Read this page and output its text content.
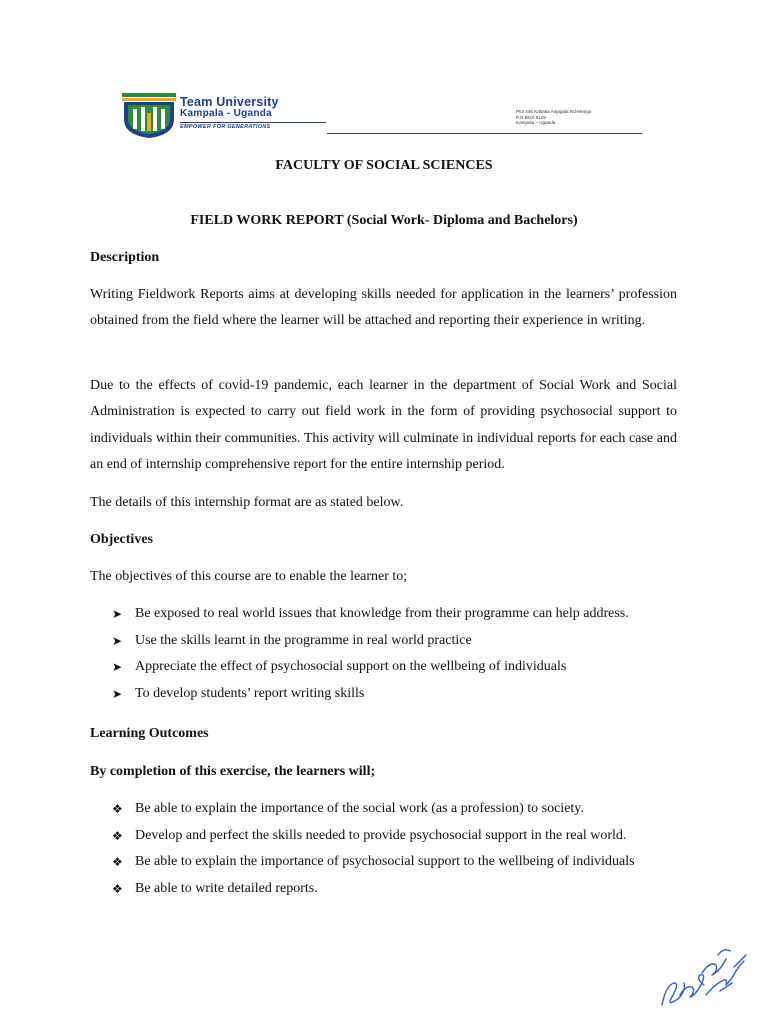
Team University
Kampala - Uganda
EMPOWER FOR GENERATIONS
Plot 446 Kabaka Anjagala Rd-Mengo
P.O.BOX 8128
Kampala – Uganda
FACULTY OF SOCIAL SCIENCES
FIELD WORK REPORT (Social Work- Diploma and Bachelors)
Description

Writing Fieldwork Reports aims at developing skills needed for application in the learners’ profession obtained from the field where the learner will be attached and reporting their experience in writing.

Due to the effects of covid-19 pandemic, each learner in the department of Social Work and Social Administration is expected to carry out field work in the form of providing psychosocial support to individuals within their communities. This activity will culminate in individual reports for each case and an end of internship comprehensive report for the entire internship period.

The details of this internship format are as stated below.
Objectives
The objectives of this course are to enable the learner to;
➤ Be exposed to real world issues that knowledge from their programme can help address.
➤ Use the skills learnt in the programme in real world practice
➤ Appreciate the effect of psychosocial support on the wellbeing of individuals
➤ To develop students’ report writing skills
Learning Outcomes
By completion of this exercise, the learners will;
❖ Be able to explain the importance of the social work (as a profession) to society.
❖ Develop and perfect the skills needed to provide psychosocial support in the real world.
❖ Be able to explain the importance of psychosocial support to the wellbeing of individuals
❖ Be able to write detailed reports.
